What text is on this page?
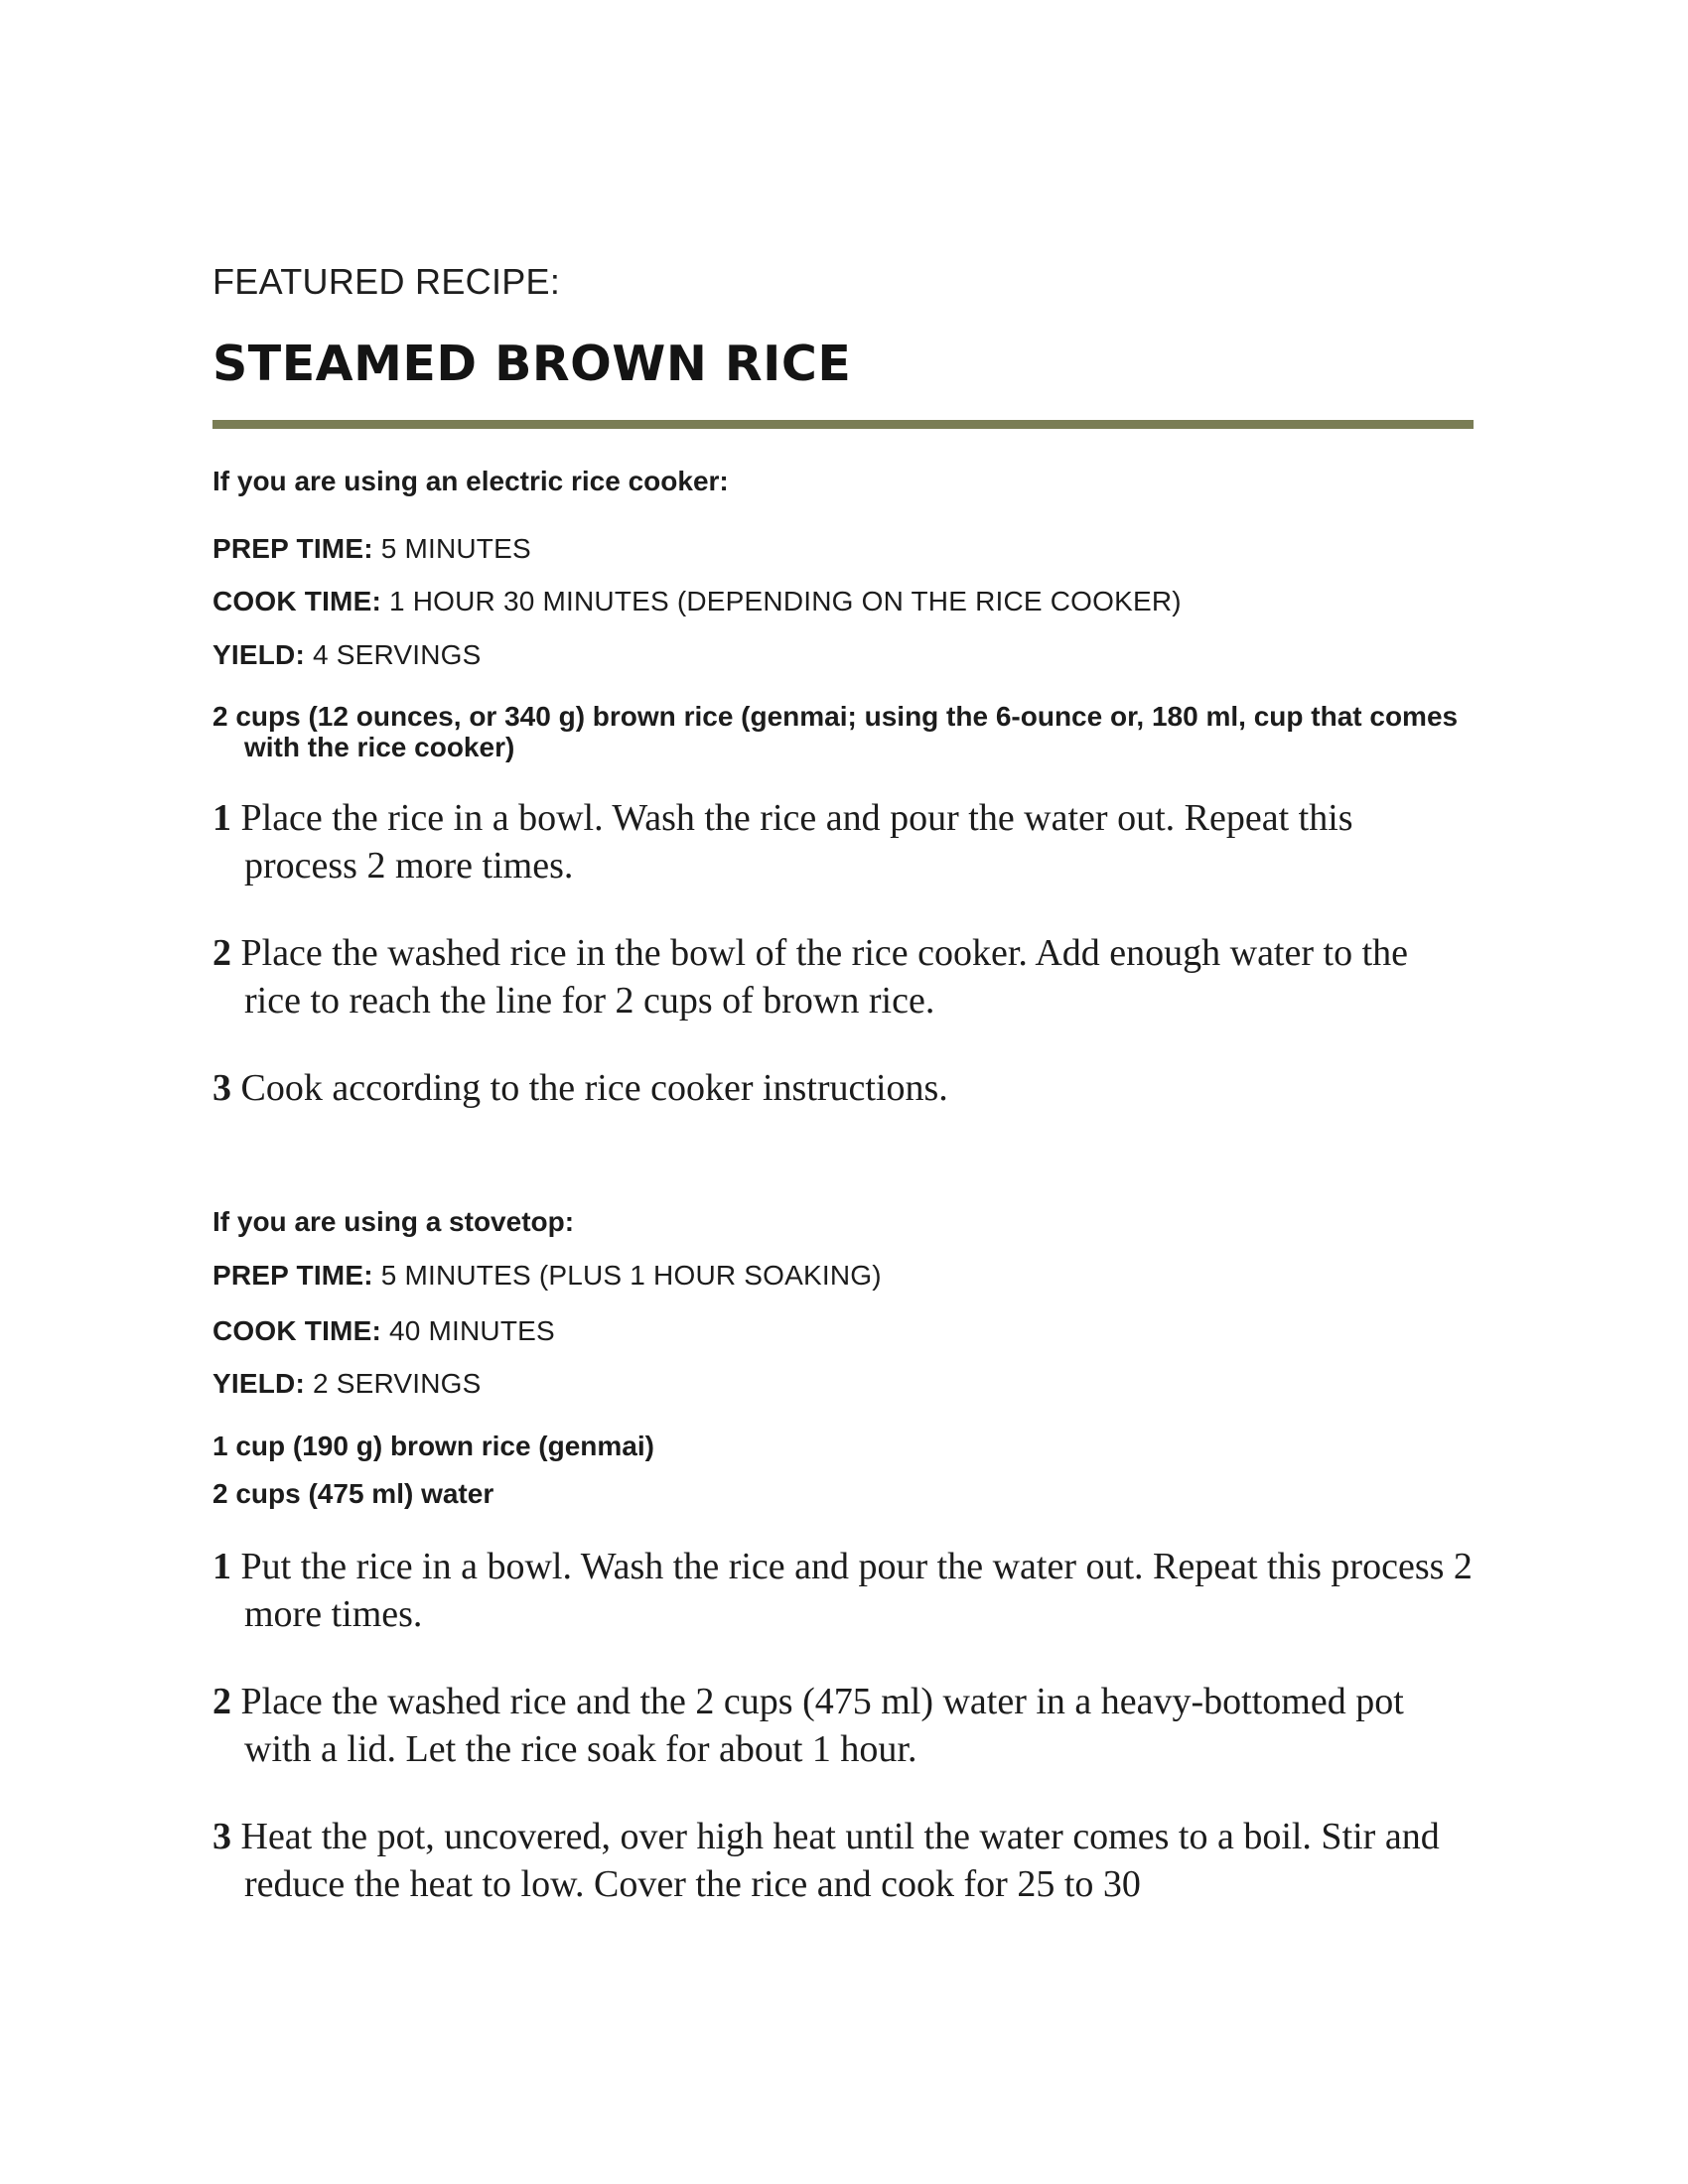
FEATURED RECIPE:

STEAMED BROWN RICE

If you are using an electric rice cooker:

PREP TIME: 5 MINUTES

COOK TIME: 1 HOUR 30 MINUTES (DEPENDING ON THE RICE COOKER)

YIELD: 4 SERVINGS

2 cups (12 ounces, or 340 g) brown rice (genmai; using the 6-ounce or, 180 ml, cup that comes with the rice cooker)

1 Place the rice in a bowl. Wash the rice and pour the water out. Repeat this process 2 more times.
2 Place the washed rice in the bowl of the rice cooker. Add enough water to the rice to reach the line for 2 cups of brown rice.
3 Cook according to the rice cooker instructions.

If you are using a stovetop:

PREP TIME: 5 MINUTES (PLUS 1 HOUR SOAKING)

COOK TIME: 40 MINUTES

YIELD: 2 SERVINGS

1 cup (190 g) brown rice (genmai)

2 cups (475 ml) water

1 Put the rice in a bowl. Wash the rice and pour the water out. Repeat this process 2 more times.
2 Place the washed rice and the 2 cups (475 ml) water in a heavy-bottomed pot with a lid. Let the rice soak for about 1 hour.
3 Heat the pot, uncovered, over high heat until the water comes to a boil. Stir and reduce the heat to low. Cover the rice and cook for 25 to 30
